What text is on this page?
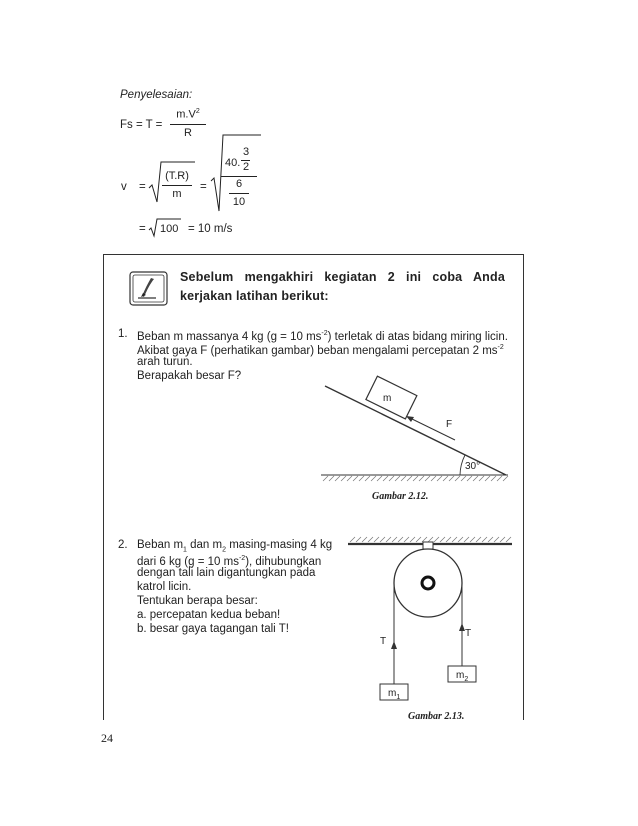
Penyelesaian:
Fs = T =
$m.V^2$
R
v =
(T.R)
m
=
40.
3
2
6
10
= 100 = 10 m/s
Sebelum mengakhiri kegiatan 2 ini coba Anda kerjakan latihan berikut:
1. Beban m massanya 4 kg (g = 10 $ms^{-2}$) terletak di atas bidang miring licin.
Akibat gaya F (perhatikan gambar) beban mengalami percepatan 2 $ms^{-2}$
arah turun.
Berapakah besar F?
m
F
30°
Gambar 2.12.
2. Beban $m_1$ dan $m_2$ masing-masing 4 kg
dari 6 kg (g = 10 $ms^{-2}$), dihubungkan
dengan tali lain digantungkan pada
katrol licin.
Tentukan berapa besar:
a. percepatan kedua beban!
b. besar gaya tagangan tali T!
T
T
$m_1$
$m_2$
Gambar 2.13.
24
